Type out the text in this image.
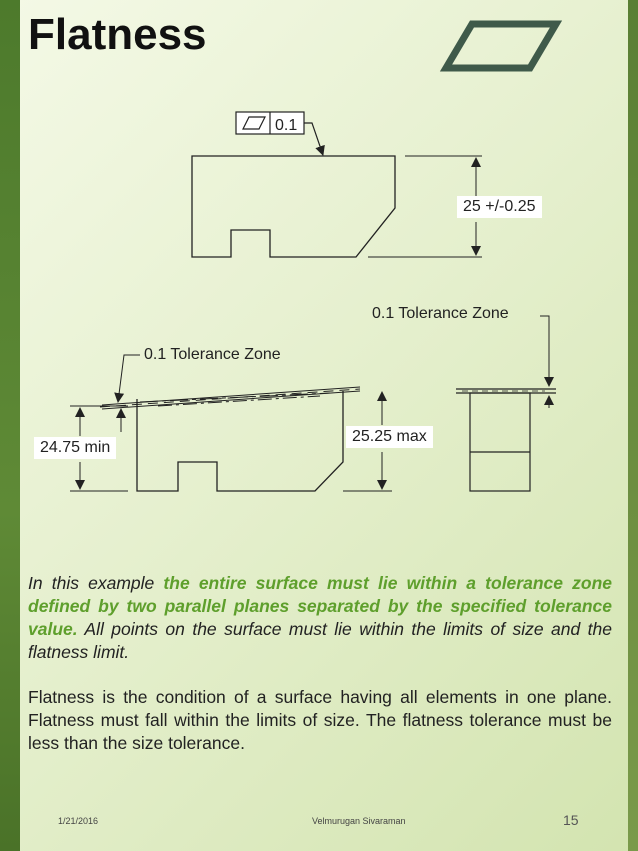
Flatness
0.1
25 +/-0.25
0.1 Tolerance Zone
0.1 Tolerance Zone
24.75 min
25.25 max

In this example the entire surface must lie within a tolerance zone defined by two parallel planes separated by the specified tolerance value. All points on the surface must lie within the limits of size and the flatness limit.

Flatness is the condition of a surface having all elements in one plane. Flatness must fall within the limits of size. The flatness tolerance must be less than the size tolerance.

1/21/2016	Velmurugan Sivaraman	15
